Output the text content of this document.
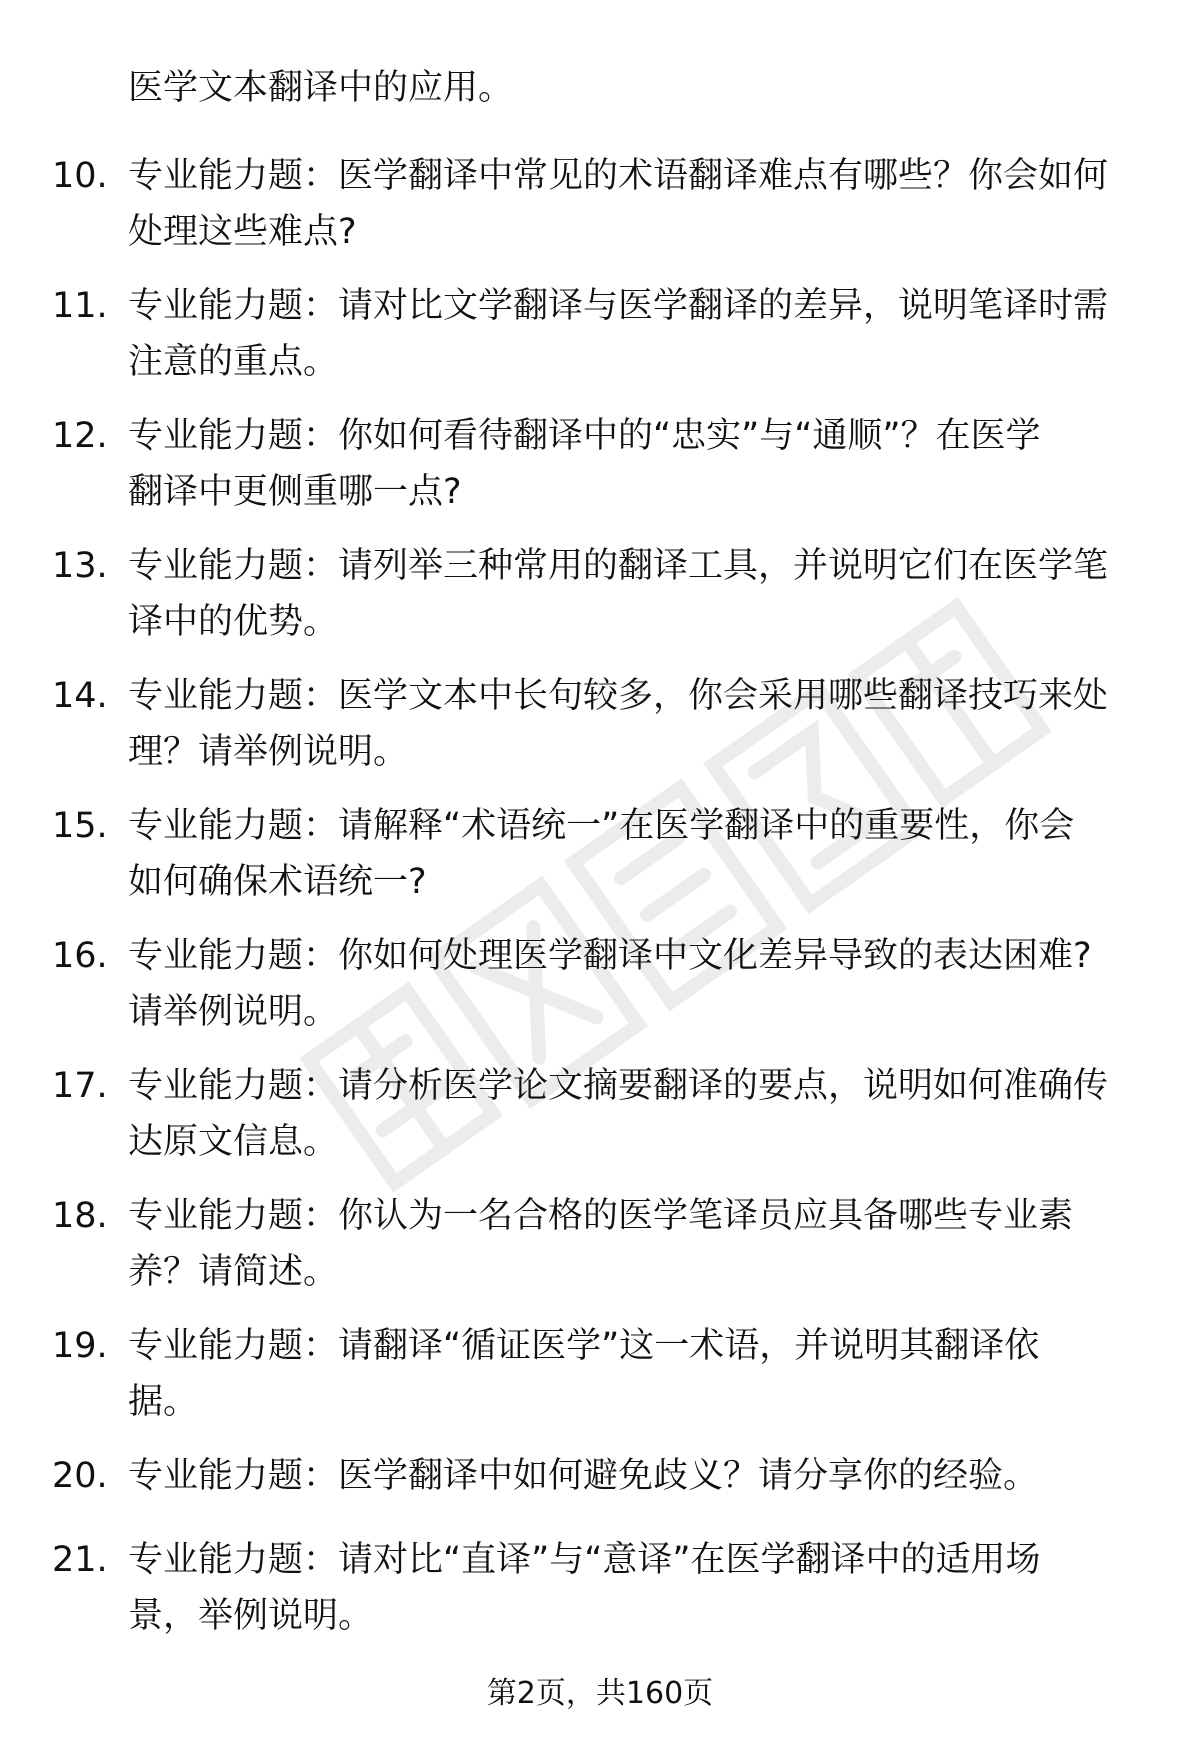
医学文本翻译中的应用。
10. 专业能力题：医学翻译中常见的术语翻译难点有哪些？你会如何
处理这些难点?
11. 专业能力题：请对比文学翻译与医学翻译的差异，说明笔译时需
注意的重点。
12. 专业能力题：你如何看待翻译中的“忠实”与“通顺”？在医学
翻译中更侧重哪一点?
13. 专业能力题：请列举三种常用的翻译工具，并说明它们在医学笔
译中的优势。
14. 专业能力题：医学文本中长句较多，你会采用哪些翻译技巧来处
理？请举例说明。
15. 专业能力题：请解释“术语统一”在医学翻译中的重要性，你会
如何确保术语统一?
16. 专业能力题：你如何处理医学翻译中文化差异导致的表达困难?
请举例说明。
17. 专业能力题：请分析医学论文摘要翻译的要点，说明如何准确传
达原文信息。
18. 专业能力题：你认为一名合格的医学笔译员应具备哪些专业素
养？请简述。
19. 专业能力题：请翻译“循证医学”这一术语，并说明其翻译依
据。
20. 专业能力题：医学翻译中如何避免歧义？请分享你的经验。
21. 专业能力题：请对比“直译”与“意译”在医学翻译中的适用场
景，举例说明。
第2页，共160页
